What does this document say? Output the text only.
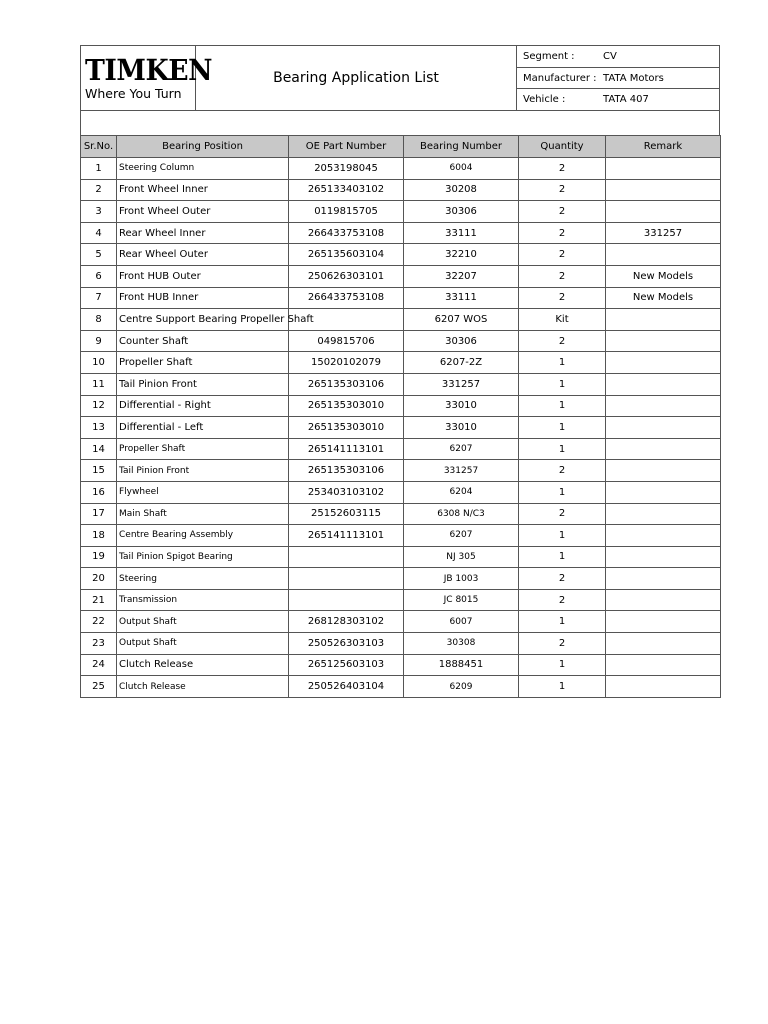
TIMKEN
Where You Turn
Bearing Application List
Segment :	CV
Manufacturer : TATA Motors
Vehicle :	TATA 407
Sr.No.	Bearing Position	OE Part Number	Bearing Number	Quantity	Remark
1	Steering Column	2053198045	6004	2	
2	Front Wheel Inner	265133403102	30208	2	
3	Front Wheel Outer	0119815705	30306	2	
4	Rear Wheel Inner	266433753108	33111	2	331257
5	Rear Wheel Outer	265135603104	32210	2	
6	Front HUB Outer	250626303101	32207	2	New Models
7	Front HUB Inner	266433753108	33111	2	New Models
8	Centre Support Bearing Propeller Shaft		6207 WOS	Kit	
9	Counter Shaft	049815706	30306	2	
10	Propeller Shaft	15020102079	6207-2Z	1	
11	Tail Pinion Front	265135303106	331257	1	
12	Differential - Right	265135303010	33010	1	
13	Differential - Left	265135303010	33010	1	
14	Propeller Shaft	265141113101	6207	1	
15	Tail Pinion Front	265135303106	331257	2	
16	Flywheel	253403103102	6204	1	
17	Main Shaft	25152603115	6308 N/C3	2	
18	Centre Bearing Assembly	265141113101	6207	1	
19	Tail Pinion Spigot Bearing		NJ 305	1	
20	Steering		JB 1003	2	
21	Transmission		JC 8015	2	
22	Output Shaft	268128303102	6007	1	
23	Output Shaft	250526303103	30308	2	
24	Clutch Release	265125603103	1888451	1	
25	Clutch Release	250526403104	6209	1	
